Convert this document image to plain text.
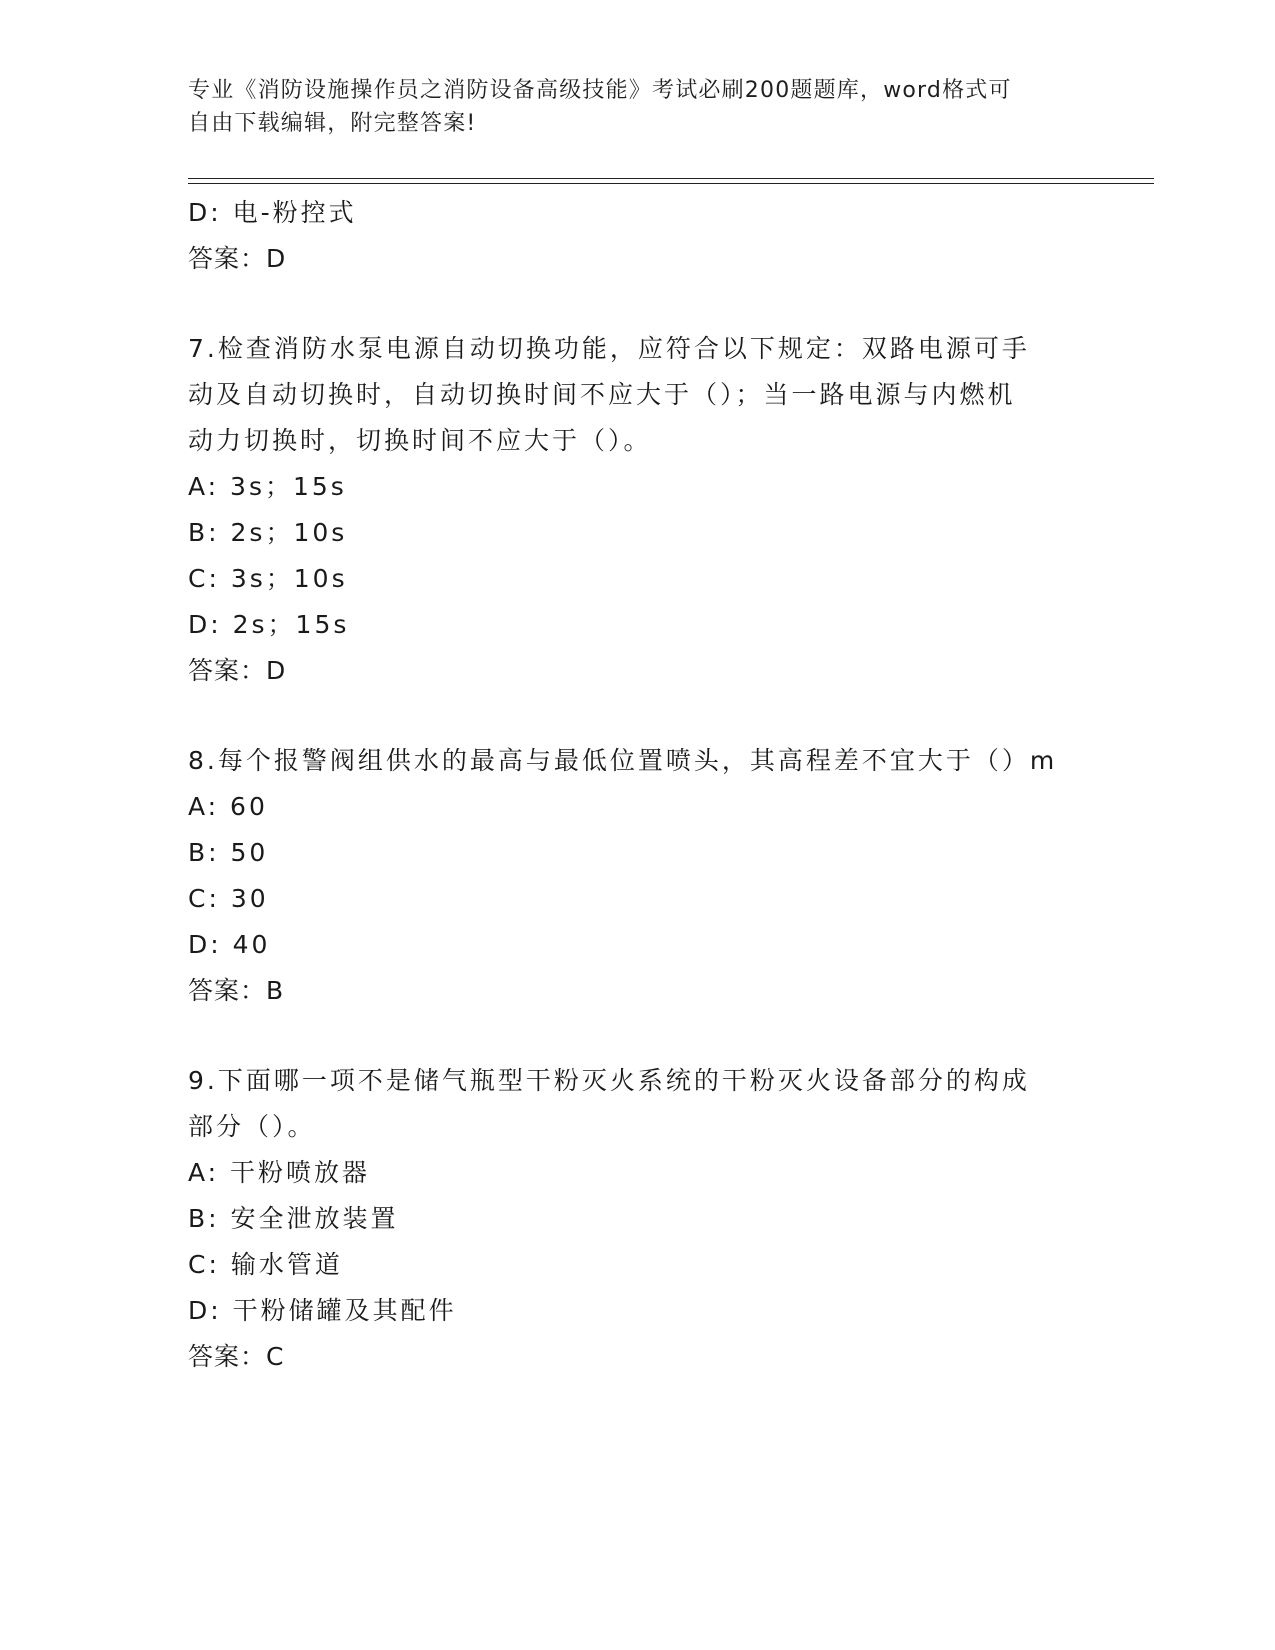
专业《消防设施操作员之消防设备高级技能》考试必刷200题题库，word格式可
自由下载编辑，附完整答案!
D: 电-粉控式
答案：D
7.检查消防水泵电源自动切换功能，应符合以下规定：双路电源可手
动及自动切换时，自动切换时间不应大于（）；当一路电源与内燃机
动力切换时，切换时间不应大于（）。
A: 3s；15s
B: 2s；10s
C: 3s；10s
D: 2s；15s
答案：D
8.每个报警阀组供水的最高与最低位置喷头，其高程差不宜大于（）m
A: 60
B: 50
C: 30
D: 40
答案：B
9.下面哪一项不是储气瓶型干粉灭火系统的干粉灭火设备部分的构成
部分（）。
A: 干粉喷放器
B: 安全泄放装置
C: 输水管道
D: 干粉储罐及其配件
答案：C
